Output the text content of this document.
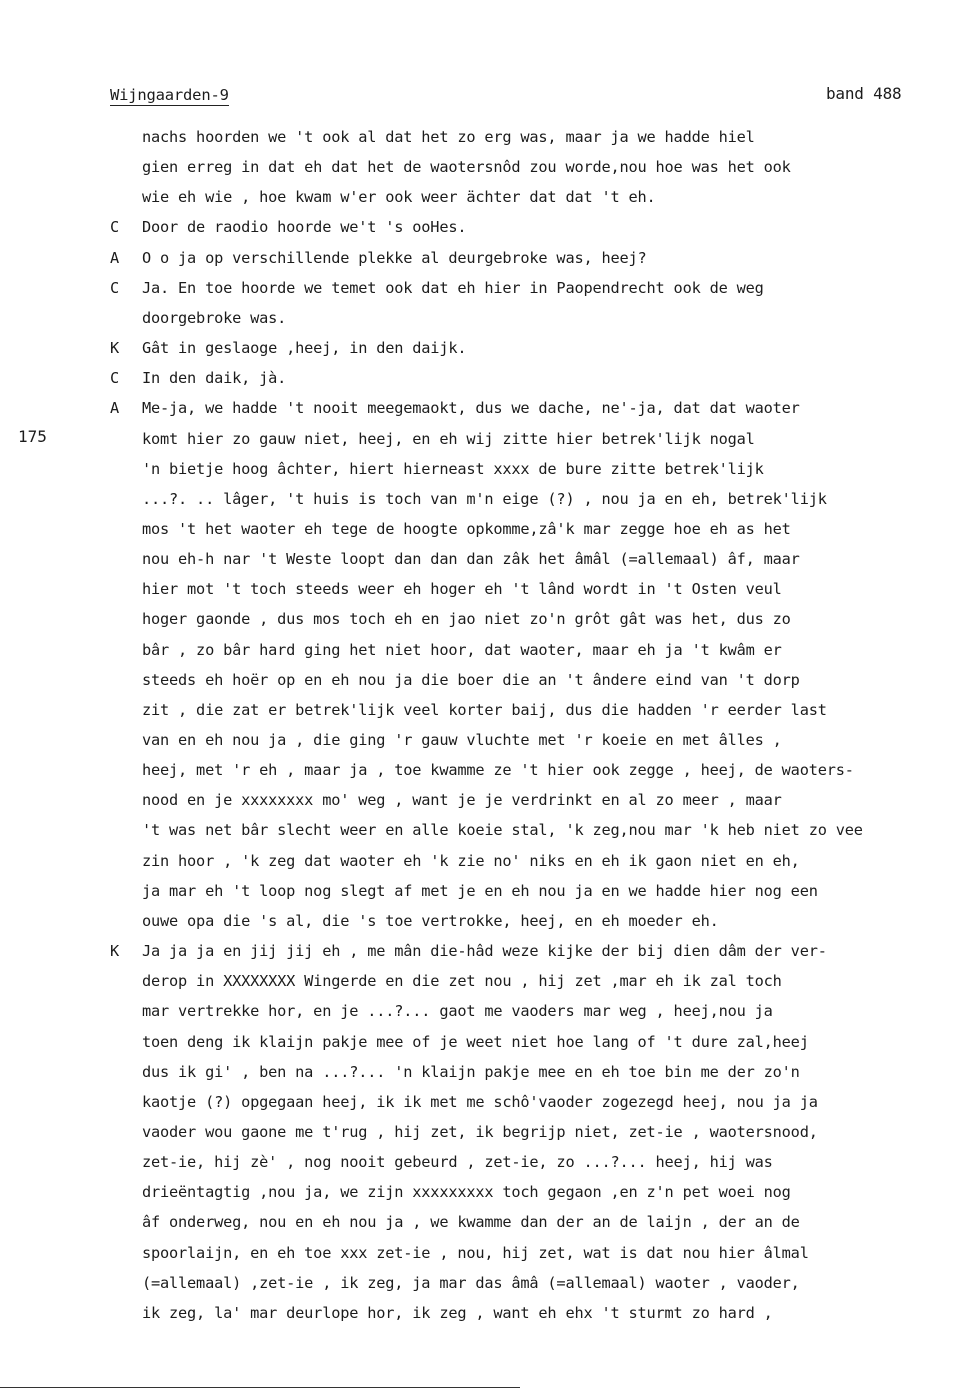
Wijngaarden-9	band 488
175
nachs hoorden we 't ook al dat het zo erg was, maar ja we hadde hiel
gien erreg in dat eh dat het de waotersnôd zou worde,nou hoe was het ook
wie eh wie , hoe kwam w'er ook weer ächter dat dat 't eh.
C Door de raodio hoorde we't 's ooHes.
A O o ja op verschillende plekke al deurgebroke was, heej?
C Ja. En toe hoorde we temet ook dat eh hier in Paopendrecht ook de weg
doorgebroke was.
K Gât in geslaoge ,heej, in den daijk.
C In den daik, jà.
A Me-ja, we hadde 't nooit meegemaokt, dus we dache, ne'-ja, dat dat waoter
komt hier zo gauw niet, heej, en eh wij zitte hier betrek'lijk nogal
'n bietje hoog âchter, hiert hierneast xxxx de bure zitte betrek'lijk
...?. .. lâger, 't huis is toch van m'n eige (?) , nou ja en eh, betrek'lijk
mos 't het waoter eh tege de hoogte opkomme,zâ'k mar zegge hoe eh as het
nou eh-h nar 't Weste loopt dan dan dan zâk het âmâl (=allemaal) âf, maar
hier mot 't toch steeds weer eh hoger eh 't lând wordt in 't Osten veul
hoger gaonde , dus mos toch eh en jao niet zo'n grôt gât was het, dus zo
bâr , zo bâr hard ging het niet hoor, dat waoter, maar eh ja 't kwâm er
steeds eh hoër op en eh nou ja die boer die an 't ândere eind van 't dorp
zit , die zat er betrek'lijk veel korter baij, dus die hadden 'r eerder last
van en eh nou ja , die ging 'r gauw vluchte met 'r koeie en met âlles ,
heej, met 'r eh , maar ja , toe kwamme ze 't hier ook zegge , heej, de waoters-
nood en je xxxxxxxx mo' weg , want je je verdrinkt en al zo meer , maar
't was net bâr slecht weer en alle koeie stal, 'k zeg,nou mar 'k heb niet zo vee
zin hoor , 'k zeg dat waoter eh 'k zie no' niks en eh ik gaon niet en eh,
ja mar eh 't loop nog slegt af met je en eh nou ja en we hadde hier nog een
ouwe opa die 's al, die 's toe vertrokke, heej, en eh moeder eh.
K Ja ja ja en jij jij eh , me mân die-hâd weze kijke der bij dien dâm der ver-
derop in XXXXXXXX Wingerde en die zet nou , hij zet ,mar eh ik zal toch
mar vertrekke hor, en je ...?... gaot me vaoders mar weg , heej,nou ja
toen deng ik klaijn pakje mee of je weet niet hoe lang of 't dure zal,heej
dus ik gi' , ben na ...?... 'n klaijn pakje mee en eh toe bin me der zo'n
kaotje (?) opgegaan heej, ik ik met me schô'vaoder zogezegd heej, nou ja ja
vaoder wou gaone me t'rug , hij zet, ik begrijp niet, zet-ie , waotersnood,
zet-ie, hij zè' , nog nooit gebeurd , zet-ie, zo ...?... heej, hij was
drieëntagtig ,nou ja, we zijn xxxxxxxxx toch gegaon ,en z'n pet woei nog
âf onderweg, nou en eh nou ja , we kwamme dan der an de laijn , der an de
spoorlaijn, en eh toe xxx zet-ie , nou, hij zet, wat is dat nou hier âlmal
(=allemaal) ,zet-ie , ik zeg, ja mar das âmâ (=allemaal) waoter , vaoder,
ik zeg, la' mar deurlope hor, ik zeg , want eh ehx 't sturmt zo hard ,
